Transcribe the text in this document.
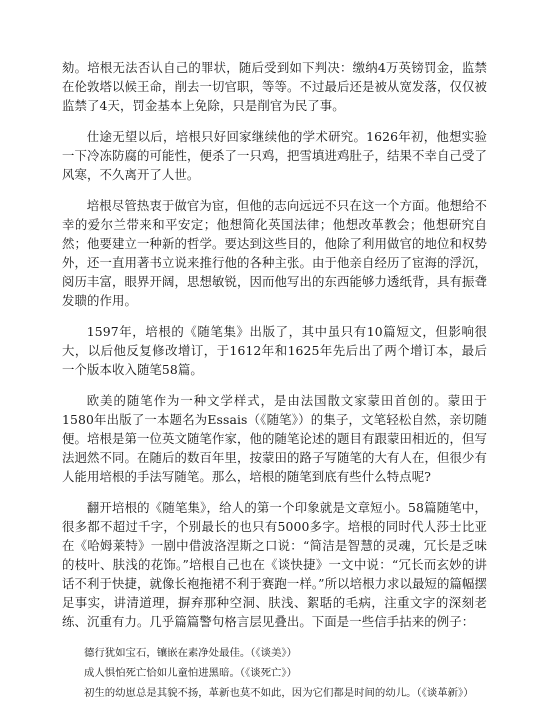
劾。培根无法否认自己的罪状，随后受到如下判决：缴纳4万英镑罚金，监禁在伦敦塔以候王命，削去一切官职，等等。不过最后还是被从宽发落，仅仅被监禁了4天，罚金基本上免除，只是削官为民了事。

仕途无望以后，培根只好回家继续他的学术研究。1626年初，他想实验一下冷冻防腐的可能性，便杀了一只鸡，把雪填进鸡肚子，结果不幸自己受了风寒，不久离开了人世。

培根尽管热衷于做官为宦，但他的志向远远不只在这一个方面。他想给不幸的爱尔兰带来和平安定；他想简化英国法律；他想改革教会；他想研究自然；他要建立一种新的哲学。要达到这些目的，他除了利用做官的地位和权势外，还一直用著书立说来推行他的各种主张。由于他亲自经历了宦海的浮沉，阅历丰富，眼界开阔，思想敏锐，因而他写出的东西能够力透纸背，具有振聋发聩的作用。

1597年，培根的《随笔集》出版了，其中虽只有10篇短文，但影响很大，以后他反复修改增订，于1612年和1625年先后出了两个增订本，最后一个版本收入随笔58篇。

欧美的随笔作为一种文学样式，是由法国散文家蒙田首创的。蒙田于1580年出版了一本题名为Essais（《随笔》）的集子，文笔轻松自然，亲切随便。培根是第一位英文随笔作家，他的随笔论述的题目有跟蒙田相近的，但写法迥然不同。在随后的数百年里，按蒙田的路子写随笔的大有人在，但很少有人能用培根的手法写随笔。那么，培根的随笔到底有些什么特点呢?

翻开培根的《随笔集》，给人的第一个印象就是文章短小。58篇随笔中，很多都不超过千字，个别最长的也只有5000多字。培根的同时代人莎士比亚在《哈姆莱特》一剧中借波洛涅斯之口说：“简洁是智慧的灵魂，冗长是乏味的枝叶、肤浅的花饰。”培根自己也在《谈快捷》一文中说：“冗长而玄妙的讲话不利于快捷，就像长袍拖裙不利于赛跑一样。”所以培根力求以最短的篇幅摆足事实，讲清道理，摒弃那种空洞、肤浅、絮聒的毛病，注重文字的深刻老练、沉重有力。几乎篇篇警句格言层见叠出。下面是一些信手拈来的例子：

德行犹如宝石，镶嵌在素净处最佳。（《谈美》）

成人惧怕死亡恰如儿童怕进黑暗。（《谈死亡》）

初生的幼崽总是其貌不扬，革新也莫不如此，因为它们都是时间的幼儿。（《谈革新》）
